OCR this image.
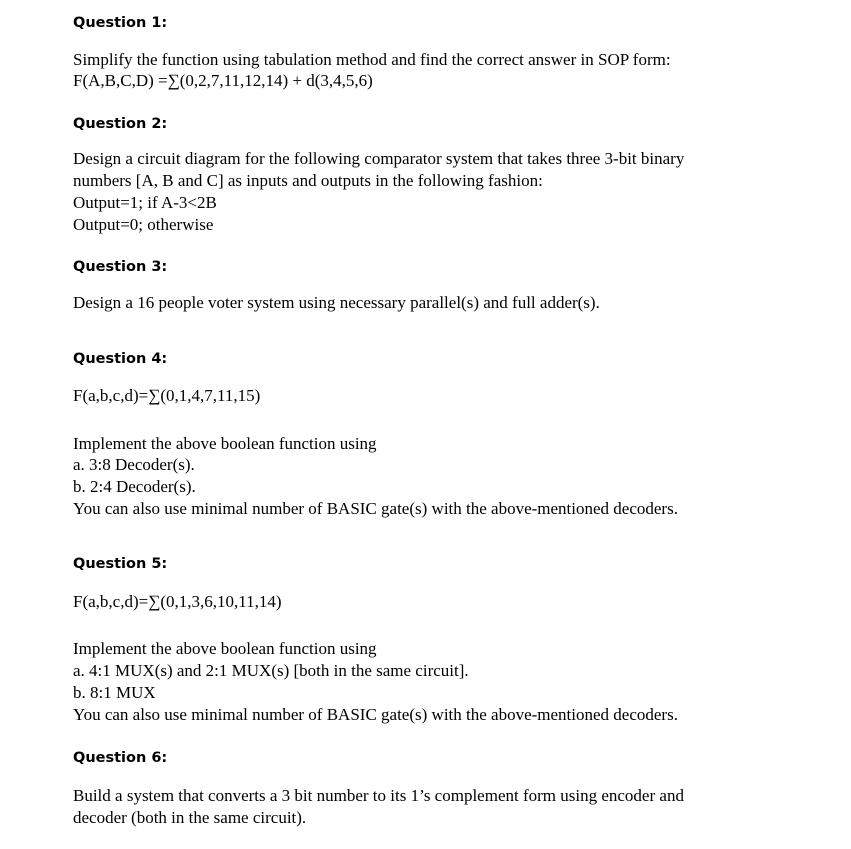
Question 1:
Simplify the function using tabulation method and find the correct answer in SOP form:
F(A,B,C,D) =∑(0,2,7,11,12,14) + d(3,4,5,6)
Question 2:
Design a circuit diagram for the following comparator system that takes three 3-bit binary
numbers [A, B and C] as inputs and outputs in the following fashion:
Output=1; if A-3<2B
Output=0; otherwise
Question 3:
Design a 16 people voter system using necessary parallel(s) and full adder(s).
Question 4:
F(a,b,c,d)=∑(0,1,4,7,11,15)
Implement the above boolean function using
a. 3:8 Decoder(s).
b. 2:4 Decoder(s).
You can also use minimal number of BASIC gate(s) with the above-mentioned decoders.
Question 5:
F(a,b,c,d)=∑(0,1,3,6,10,11,14)
Implement the above boolean function using
a. 4:1 MUX(s) and 2:1 MUX(s) [both in the same circuit].
b. 8:1 MUX
You can also use minimal number of BASIC gate(s) with the above-mentioned decoders.
Question 6:
Build a system that converts a 3 bit number to its 1’s complement form using encoder and
decoder (both in the same circuit).
